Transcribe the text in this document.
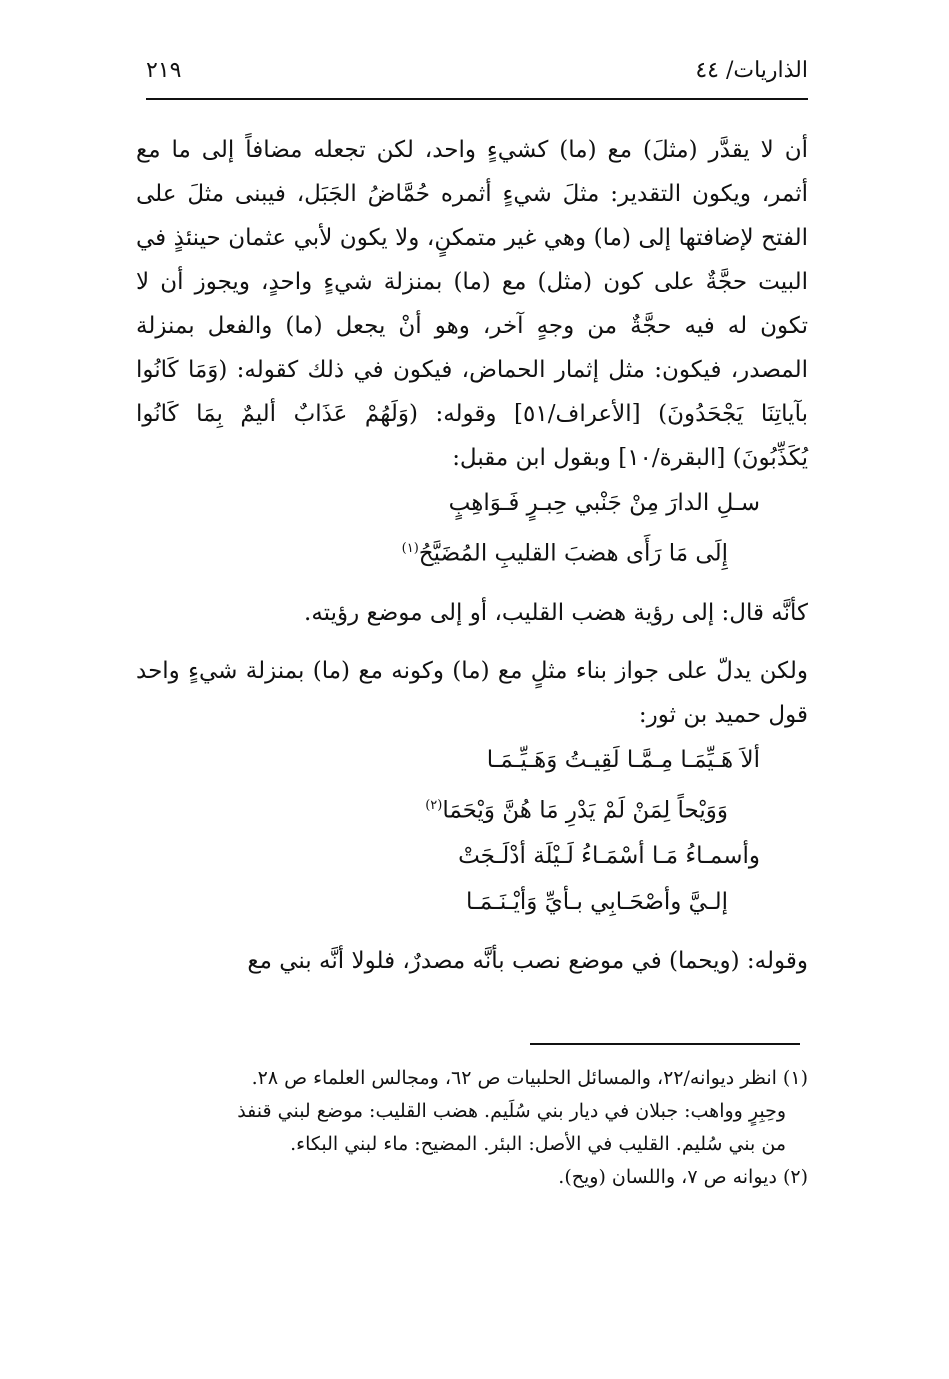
الذاريات/ ٤٤
٢١٩

أن لا يقدَّر (مثلَ) مع (ما) كشيءٍ واحد، لكن تجعله مضافاً إلى ما مع أثمر، ويكون التقدير: مثلَ شيءٍ أثمره حُمَّاضُ الجَبَل، فيبنى مثلَ على الفتح لإضافتها إلى (ما) وهي غير متمكنٍ، ولا يكون لأبي عثمان حينئذٍ في البيت حجَّةٌ على كون (مثل) مع (ما) بمنزلة شيءٍ واحدٍ، ويجوز أن لا تكون له فيه حجَّةٌ من وجهٍ آخر، وهو أنْ يجعل (ما) والفعل بمنزلة المصدر، فيكون: مثل إثمار الحماض، فيكون في ذلك كقوله: (وَمَا كَانُوا بآياتِنَا يَجْحَدُونَ) [الأعراف/٥١] وقوله: (وَلَهُمْ عَذَابٌ أليمٌ بِمَا كَانُوا يُكَذِّبُونَ) [البقرة/١٠] وبقول ابن مقبل:

سـلِ الدارَ مِنْ جَنْبي حِبـرٍ فَـوَاهِبٍ
إِلَى مَا رَأَى هضبَ القليبِ المُضَيَّحُ$^{(١)}$

كأنَّه قال: إلى رؤية هضب القليب، أو إلى موضع رؤيته.

ولكن يدلّ على جواز بناء مثلٍ مع (ما) وكونه مع (ما) بمنزلة شيءٍ واحد قول حميد بن ثور:

ألاَ هَـيِّمَـا مِـمَّـا لَقِيـتُ وَهَـيِّـمَـا
وَوَيْحاً لِمَنْ لَمْ يَدْرِ مَا هُنَّ وَيْحَمَا$^{(٢)}$
وأسمـاءُ مَـا أسْمَـاءُ لَـيْلَة أدْلَـجَتْ
إلـيَّ وأصْحَـابِي بـأيِّ وَأيْـنَـمَـا

وقوله: (ويحما) في موضع نصب بأنَّه مصدرٌ، فلولا أنَّه بني مع

(١) انظر ديوانه/٢٢، والمسائل الحلبيات ص ٦٢، ومجالس العلماء ص ٢٨.

وحِبِرٍ وواهب: جبلان في ديار بني سُلَيم. هضب القليب: موضع لبني قنفذ

من بني سُليم. القليب في الأصل: البئر. المضيح: ماء لبني البكاء.

(٢) ديوانه ص ٧، واللسان (ويح).
